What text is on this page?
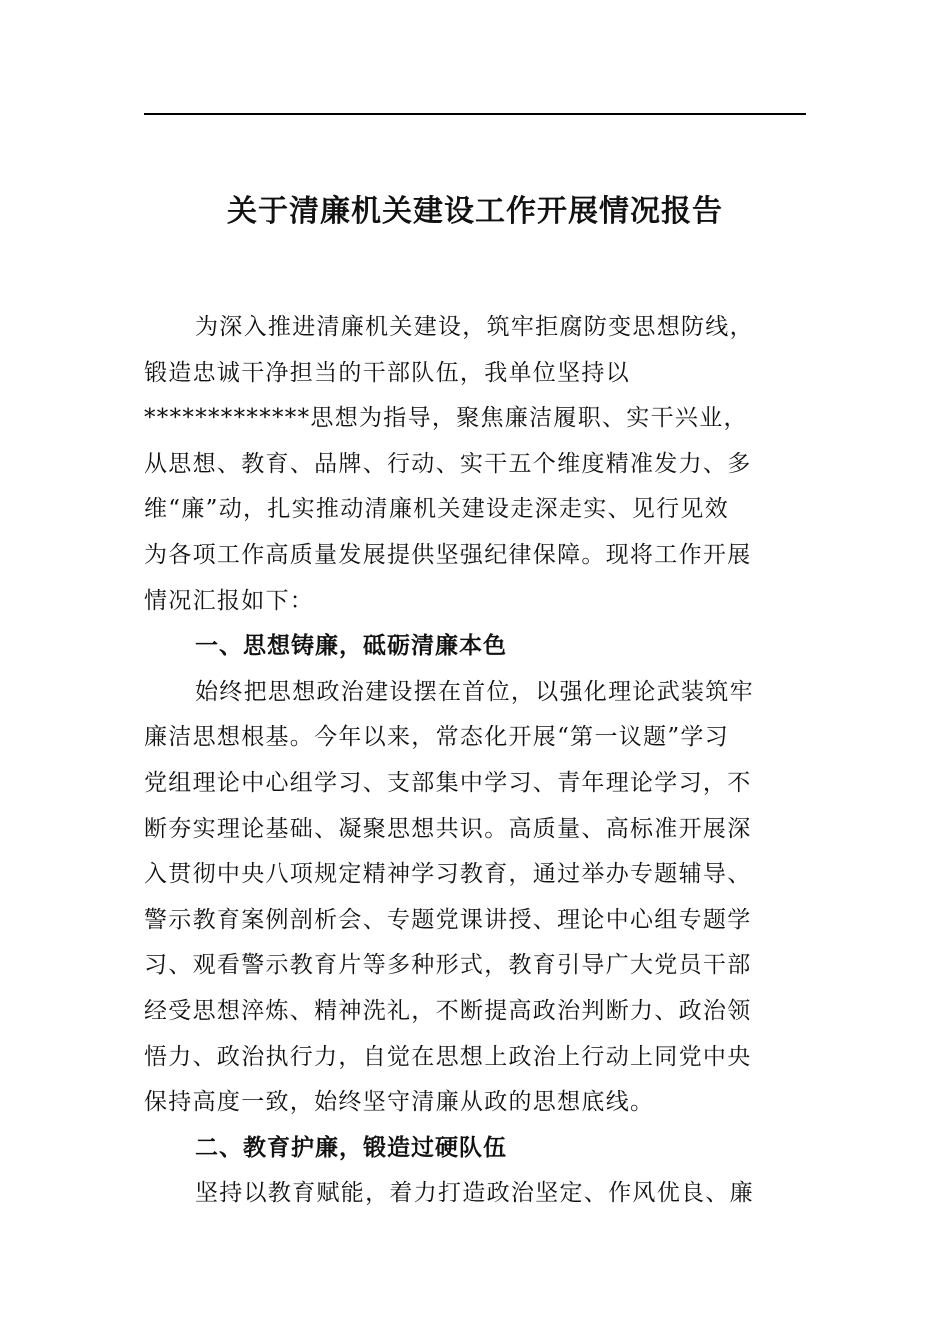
关于清廉机关建设工作开展情况报告
为深入推进清廉机关建设，筑牢拒腐防变思想防线，
锻造忠诚干净担当的干部队伍，我单位坚持以
*************思想为指导，聚焦廉洁履职、实干兴业，
从思想、教育、品牌、行动、实干五个维度精准发力、多
维“廉”动，扎实推动清廉机关建设走深走实、见行见效
为各项工作高质量发展提供坚强纪律保障。现将工作开展
情况汇报如下：
一、思想铸廉，砥砺清廉本色
始终把思想政治建设摆在首位，以强化理论武装筑牢
廉洁思想根基。今年以来，常态化开展“第一议题”学习
党组理论中心组学习、支部集中学习、青年理论学习，不
断夯实理论基础、凝聚思想共识。高质量、高标准开展深
入贯彻中央八项规定精神学习教育，通过举办专题辅导、
警示教育案例剖析会、专题党课讲授、理论中心组专题学
习、观看警示教育片等多种形式，教育引导广大党员干部
经受思想淬炼、精神洗礼，不断提高政治判断力、政治领
悟力、政治执行力，自觉在思想上政治上行动上同党中央
保持高度一致，始终坚守清廉从政的思想底线。
二、教育护廉，锻造过硬队伍
坚持以教育赋能，着力打造政治坚定、作风优良、廉
